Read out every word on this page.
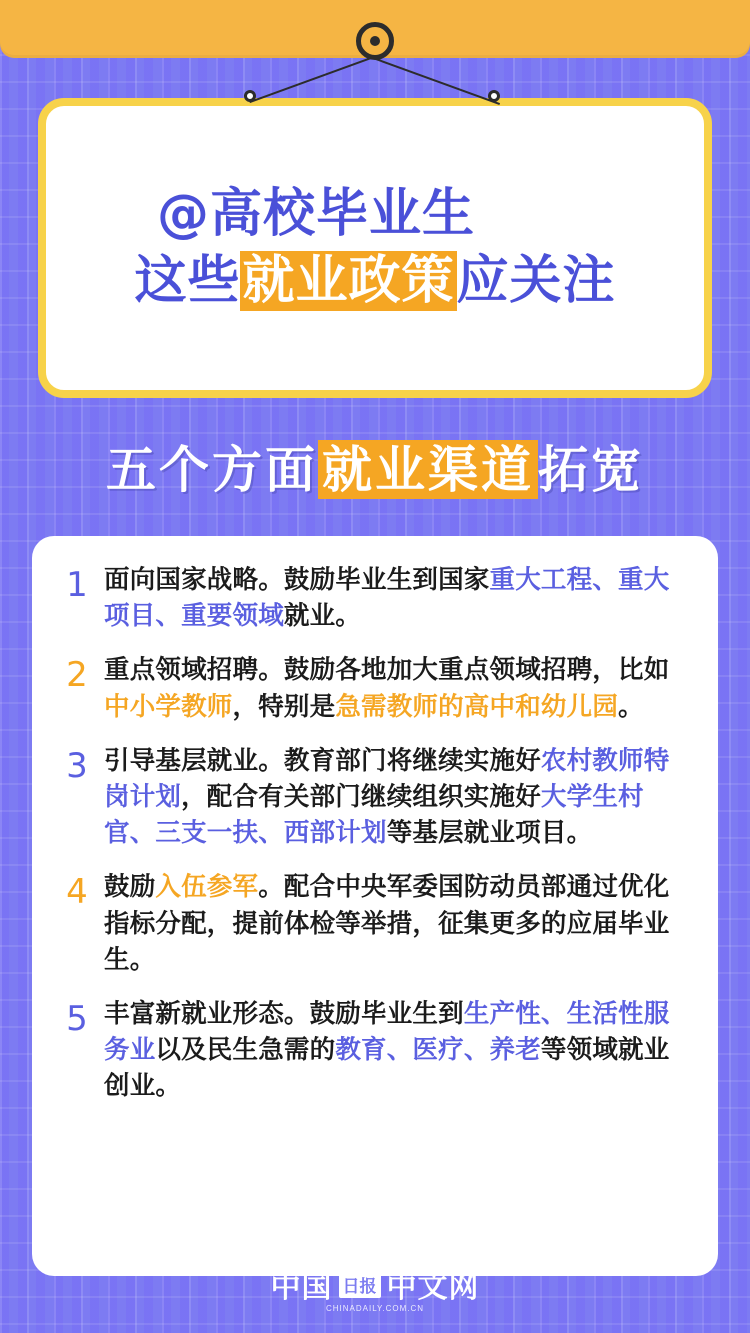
@高校毕业生
这些就业政策应关注
五个方面就业渠道拓宽
1 面向国家战略。鼓励毕业生到国家重大工程、重大项目、重要领域就业。
2 重点领域招聘。鼓励各地加大重点领域招聘，比如中小学教师，特别是急需教师的高中和幼儿园。
3 引导基层就业。教育部门将继续实施好农村教师特岗计划，配合有关部门继续组织实施好大学生村官、三支一扶、西部计划等基层就业项目。
4 鼓励入伍参军。配合中央军委国防动员部通过优化指标分配，提前体检等举措，征集更多的应届毕业生。
5 丰富新就业形态。鼓励毕业生到生产性、生活性服务业以及民生急需的教育、医疗、养老等领域就业创业。
中国 日报 中文网
CHINADAILY.COM.CN
